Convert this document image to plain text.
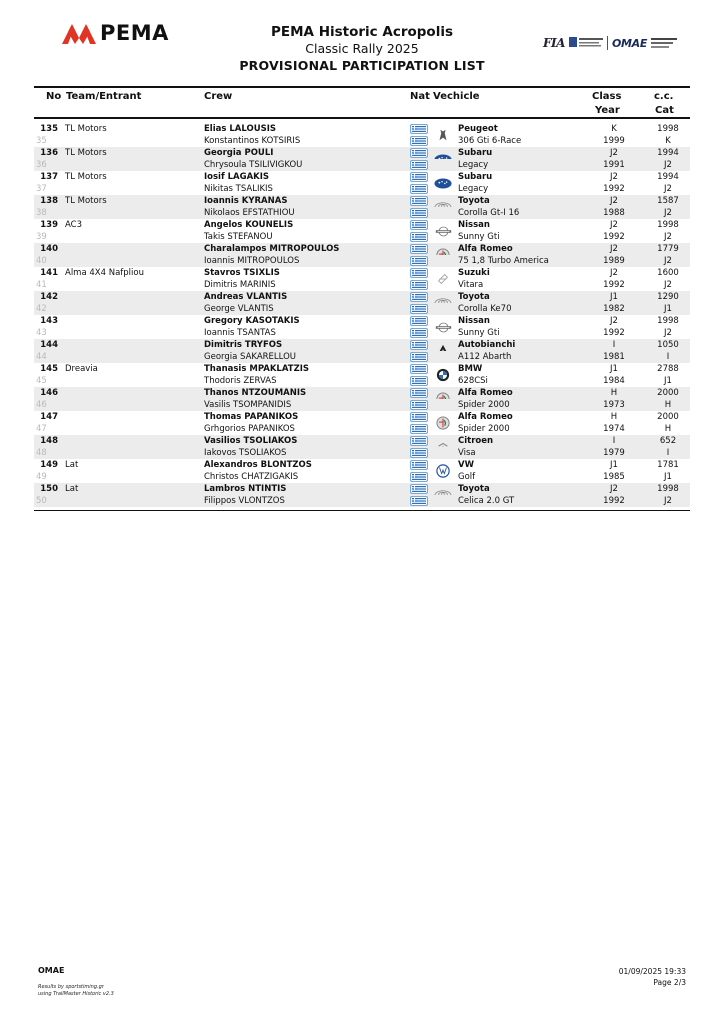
PEMA	PEMA Historic Acropolis
Classic Rally 2025
PROVISIONAL PARTICIPATION LIST
FIA	OMAE
No Team/Entrant	Crew	Nat Vechicle	Class
Year
c.c.
Cat
135 TL Motors	Elias LALOUSIS	Peugeot	K	1998
35	Konstantinos KOTSIRIS	306 Gti 6-Race	1999	K
136 TL Motors	Georgia POULI	Subaru	J2	1994
36	Chrysoula TSILIVIGKOU	Legacy	1991	J2
137 TL Motors	Iosif LAGAKIS	Subaru	J2	1994
37	Nikitas TSALIKIS	Legacy	1992	J2
138 TL Motors	Ioannis KYRANAS	Toyota	J2	1587
38	Nikolaos EFSTATHIOU	Corolla Gt-I 16	1988	J2
139 AC3	Angelos KOUNELIS	Nissan	J2	1998
39	Takis STEFANOU	Sunny Gti	1992	J2
140	Charalampos MITROPOULOS	Alfa Romeo	J2	1779
40	Ioannis MITROPOULOS	75 1,8 Turbo America	1989	J2
141 Alma 4X4 Nafpliou	Stavros TSIXLIS	Suzuki	J2	1600
41	Dimitris MARINIS	Vitara	1992	J2
142	Andreas VLANTIS	Toyota	J1	1290
42	George VLANTIS	Corolla Ke70	1982	J1
143	Gregory KASOTAKIS	Nissan	J2	1998
43	Ioannis TSANTAS	Sunny Gti	1992	J2
144	Dimitris TRYFOS	Autobianchi	I	1050
44	Georgia SAKARELLOU	A112 Abarth	1981	I
145 Dreavia	Thanasis MPAKLATZIS	BMW	J1	2788
45	Thodoris ZERVAS	628CSi	1984	J1
146	Thanos NTZOUMANIS	Alfa Romeo	H	2000
46	Vasilis TSOMPANIDIS	Spider 2000	1973	H
147	Thomas PAPANIKOS	Alfa Romeo	H	2000
47	Grhgorios PAPANIKOS	Spider 2000	1974	H
148	Vasilios TSOLIAKOS	Citroen	I	652
48	Iakovos TSOLIAKOS	Visa	1979	I
149 Lat	Alexandros BLONTZOS	VW	J1	1781
49	Christos CHATZIGAKIS	Golf	1985	J1
150 Lat	Lambros NTINTIS	Toyota	J2	1998
50	Filippos VLONTZOS	Celica 2.0 GT	1992	J2
OMAE
Results by sportstiming.gr
using TrailMaster Historic v2.3
01/09/2025 19:33
Page 2/3
